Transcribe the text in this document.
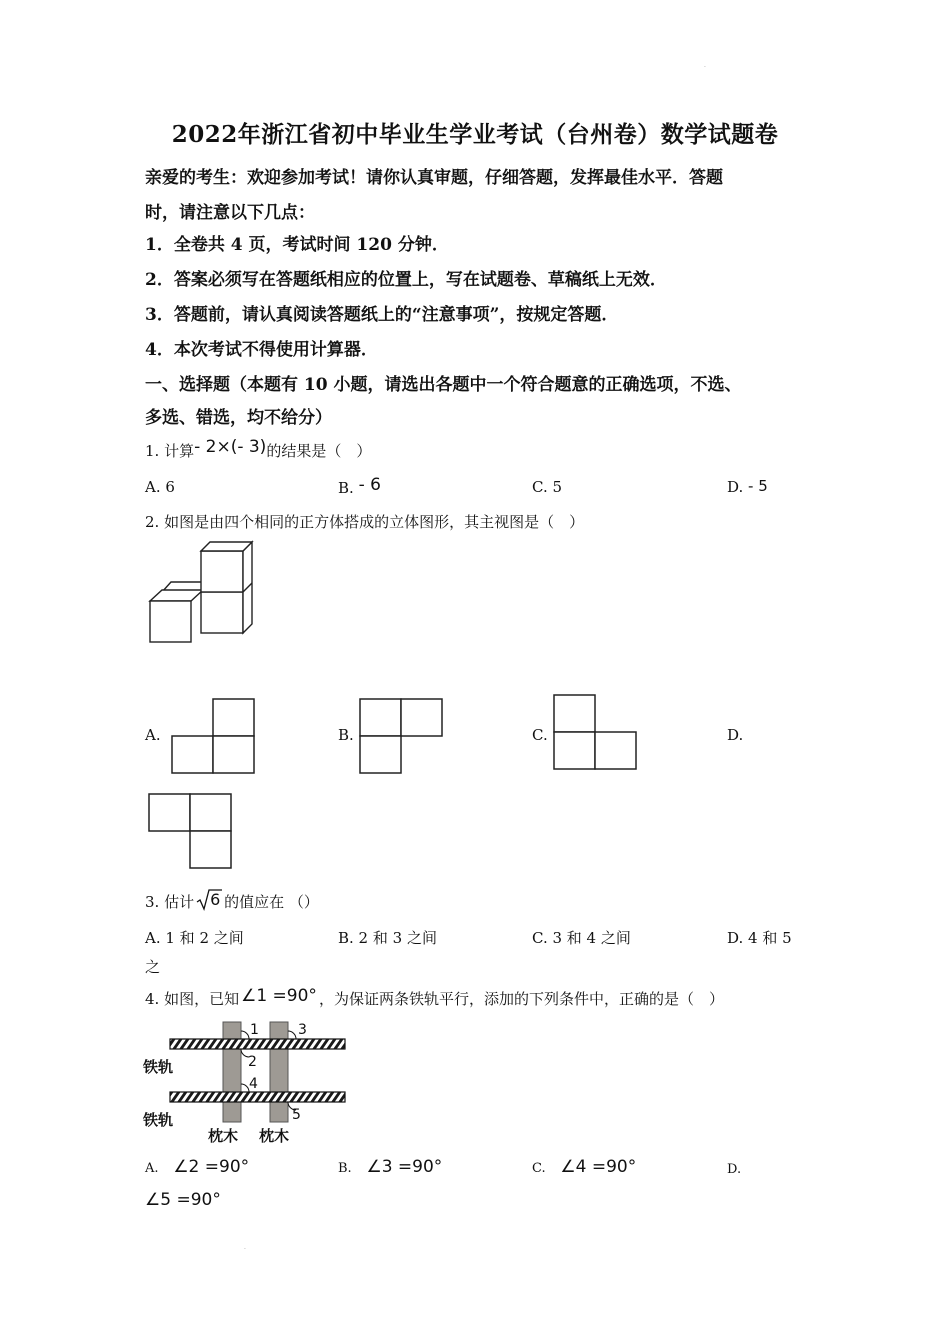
·
2022年浙江省初中毕业生学业考试（台州卷）数学试题卷
亲爱的考生：欢迎参加考试！请你认真审题，仔细答题，发挥最佳水平．答题
时，请注意以下几点：
1．全卷共 4 页，考试时间 120 分钟．
2．答案必须写在答题纸相应的位置上，写在试题卷、草稿纸上无效．
3．答题前，请认真阅读答题纸上的“注意事项”，按规定答题．
4．本次考试不得使用计算器．
一、选择题（本题有 10 小题，请选出各题中一个符合题意的正确选项，不选、
多选、错选，均不给分）
1. 计算- 2×(- 3)的结果是（　）
A. 6	B. - 6	C. 5	D. - 5
2. 如图是由四个相同的正方体搭成的立体图形，其主视图是（　）
A.	B.	C.	D.
3. 估计 6 的值应在 （）
A. 1 和 2 之间	B. 2 和 3 之间	C. 3 和 4 之间	D. 4 和 5
之
4. 如图，已知 ∠1 =90° ，为保证两条铁轨平行，添加的下列条件中，正确的是（　）
1
2
3
4
5
铁轨
铁轨
枕木 枕木
A. ∠2 =90°	B. ∠3 =90°	C. ∠4 =90°	D.
∠5 =90°
·
